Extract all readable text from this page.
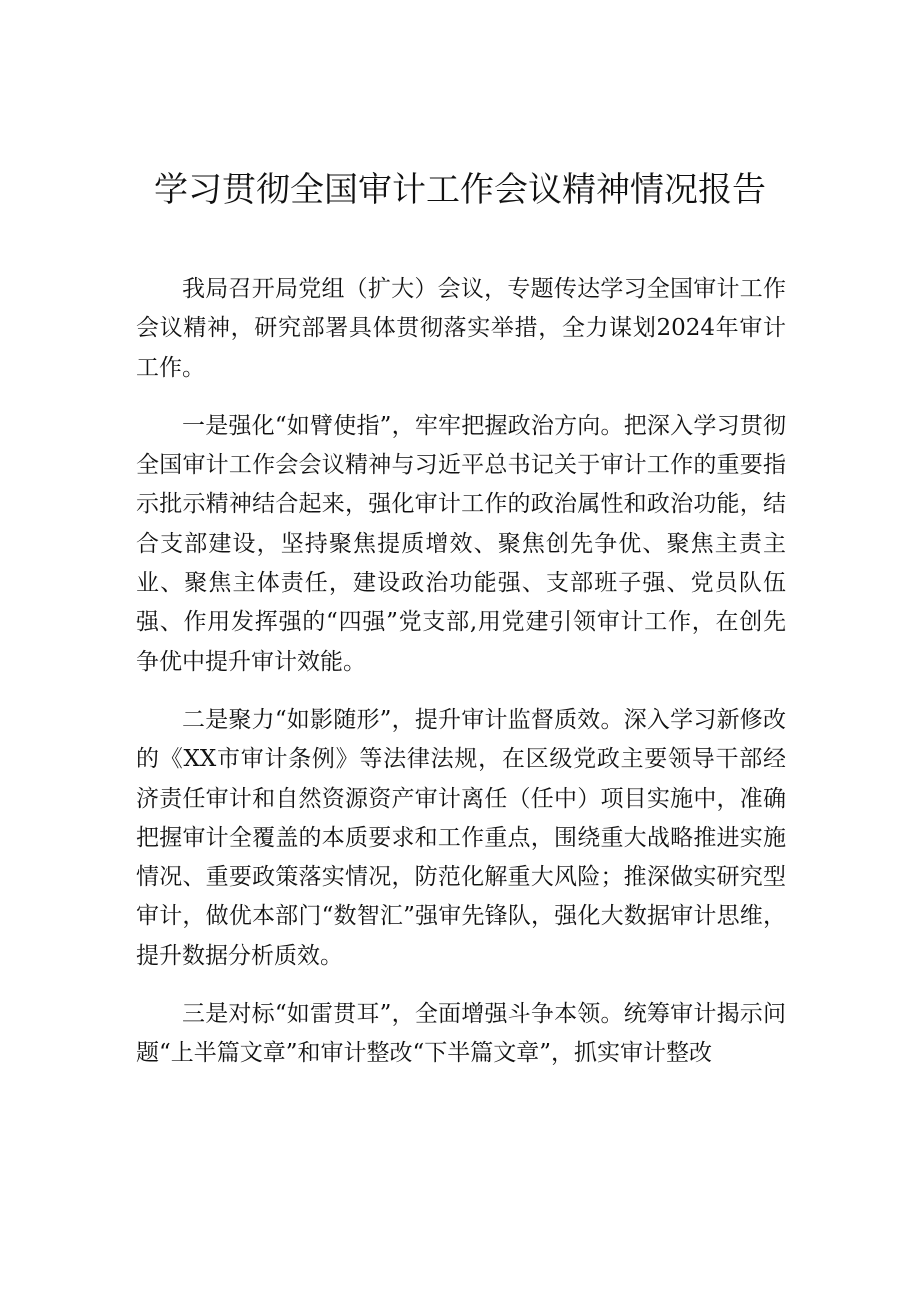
学习贯彻全国审计工作会议精神情况报告

我局召开局党组（扩大）会议，专题传达学习全国审计工作会议精神，研究部署具体贯彻落实举措，全力谋划2024年审计工作。

一是强化“如臂使指”，牢牢把握政治方向。把深入学习贯彻全国审计工作会会议精神与习近平总书记关于审计工作的重要指示批示精神结合起来，强化审计工作的政治属性和政治功能，结合支部建设，坚持聚焦提质增效、聚焦创先争优、聚焦主责主业、聚焦主体责任，建设政治功能强、支部班子强、党员队伍强、作用发挥强的“四强”党支部,用党建引领审计工作，在创先争优中提升审计效能。

二是聚力“如影随形”，提升审计监督质效。深入学习新修改的《XX市审计条例》等法律法规，在区级党政主要领导干部经济责任审计和自然资源资产审计离任（任中）项目实施中，准确把握审计全覆盖的本质要求和工作重点，围绕重大战略推进实施情况、重要政策落实情况，防范化解重大风险；推深做实研究型审计，做优本部门“数智汇”强审先锋队，强化大数据审计思维，提升数据分析质效。

三是对标“如雷贯耳”，全面增强斗争本领。统筹审计揭示问题“上半篇文章”和审计整改“下半篇文章”，抓实审计整改
